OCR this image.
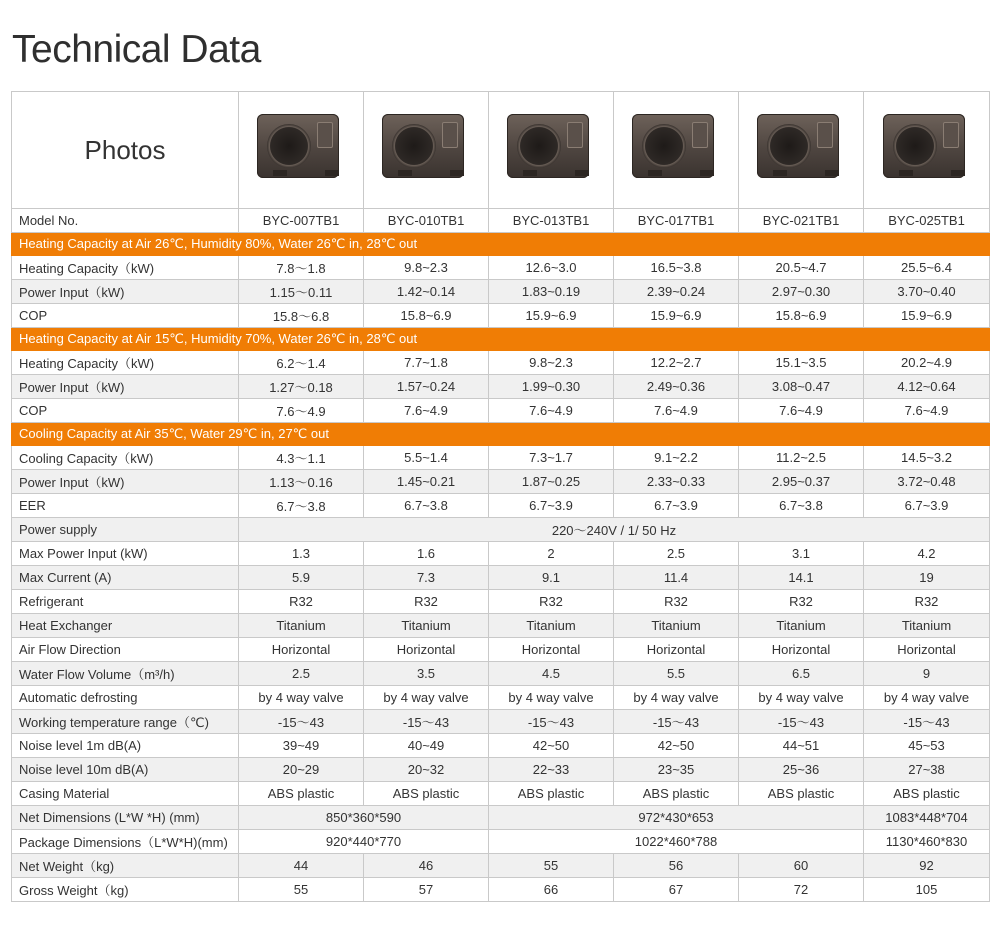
Technical Data
Photos	

Model No.	BYC-007TB1	BYC-010TB1	BYC-013TB1	BYC-017TB1	BYC-021TB1	BYC-025TB1
Heating Capacity at Air 26℃, Humidity 80%, Water 26℃ in, 28℃ out						
Heating Capacity（kW)	7.8～1.8	9.8~2.3	12.6~3.0	16.5~3.8	20.5~4.7	25.5~6.4
Power Input（kW)	1.15～0.11	1.42~0.14	1.83~0.19	2.39~0.24	2.97~0.30	3.70~0.40
COP	15.8～6.8	15.8~6.9	15.9~6.9	15.9~6.9	15.8~6.9	15.9~6.9
Heating Capacity at Air 15℃, Humidity 70%, Water 26℃ in, 28℃ out						
Heating Capacity（kW)	6.2～1.4	7.7~1.8	9.8~2.3	12.2~2.7	15.1~3.5	20.2~4.9
Power Input（kW)	1.27～0.18	1.57~0.24	1.99~0.30	2.49~0.36	3.08~0.47	4.12~0.64
COP	7.6～4.9	7.6~4.9	7.6~4.9	7.6~4.9	7.6~4.9	7.6~4.9
Cooling Capacity at Air 35℃, Water 29℃ in, 27℃ out						
Cooling Capacity（kW)	4.3～1.1	5.5~1.4	7.3~1.7	9.1~2.2	11.2~2.5	14.5~3.2
Power Input（kW)	1.13～0.16	1.45~0.21	1.87~0.25	2.33~0.33	2.95~0.37	3.72~0.48
EER	6.7～3.8	6.7~3.8	6.7~3.9	6.7~3.9	6.7~3.8	6.7~3.9
Power supply	220～240V / 1/ 50 Hz					
Max Power Input (kW)	1.3	1.6	2	2.5	3.1	4.2
Max Current (A)	5.9	7.3	9.1	11.4	14.1	19
Refrigerant	R32	R32	R32	R32	R32	R32
Heat Exchanger	Titanium	Titanium	Titanium	Titanium	Titanium	Titanium
Air Flow Direction	Horizontal	Horizontal	Horizontal	Horizontal	Horizontal	Horizontal
Water Flow Volume（m³/h)	2.5	3.5	4.5	5.5	6.5	9
Automatic defrosting	by 4 way valve	by 4 way valve	by 4 way valve	by 4 way valve	by 4 way valve	by 4 way valve
Working temperature range（℃)	-15～43	-15～43	-15～43	-15～43	-15～43	-15～43
Noise level 1m dB(A)	39~49	40~49	42~50	42~50	44~51	45~53
Noise level 10m dB(A)	20~29	20~32	22~33	23~35	25~36	27~38
Casing Material	ABS plastic	ABS plastic	ABS plastic	ABS plastic	ABS plastic	ABS plastic
Net Dimensions (L*W *H) (mm)	850*360*590		972*430*653			1083*448*704
Package Dimensions（L*W*H)(mm)	920*440*770		1022*460*788			1130*460*830
Net Weight（kg)	44	46	55	56	60	92
Gross Weight（kg)	55	57	66	67	72	105
